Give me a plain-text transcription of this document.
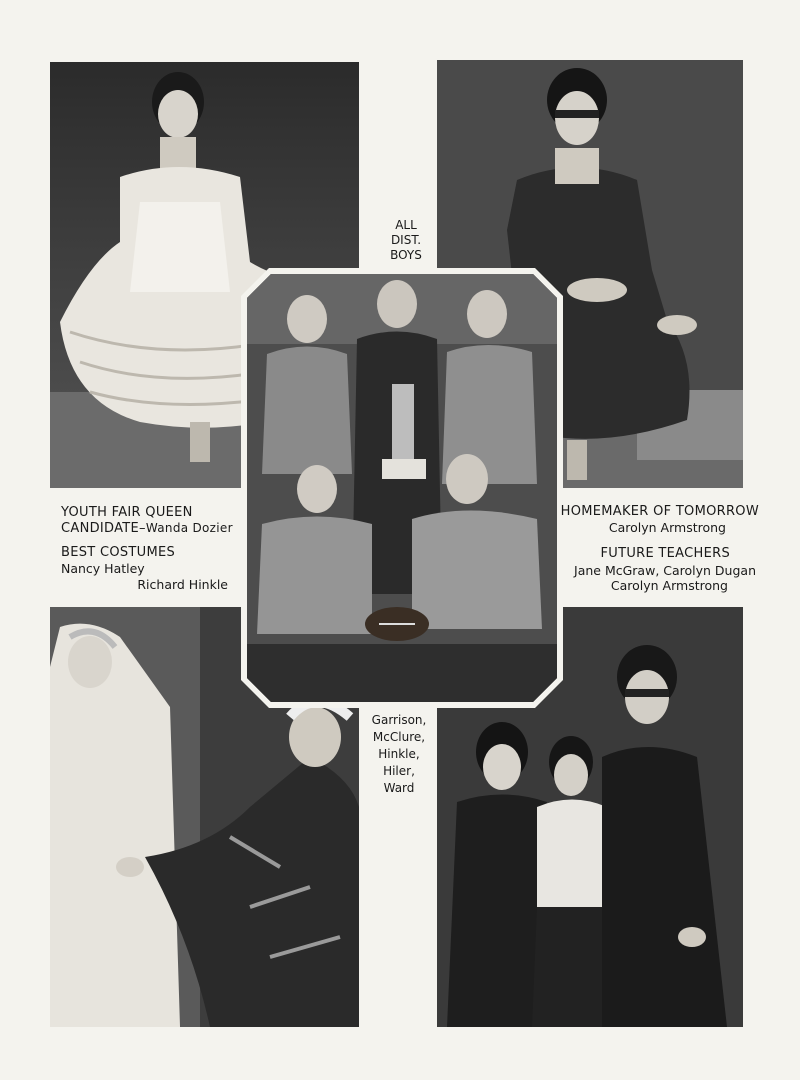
ALL
DIST.
BOYS
YOUTH FAIR QUEEN
CANDIDATE–Wanda Dozier
BEST COSTUMES
Nancy Hatley
Richard Hinkle
HOMEMAKER OF TOMORROW
Carolyn Armstrong
FUTURE TEACHERS
Jane McGraw, Carolyn Dugan
Carolyn Armstrong
Garrison,
McClure,
Hinkle,
Hiler,
Ward
